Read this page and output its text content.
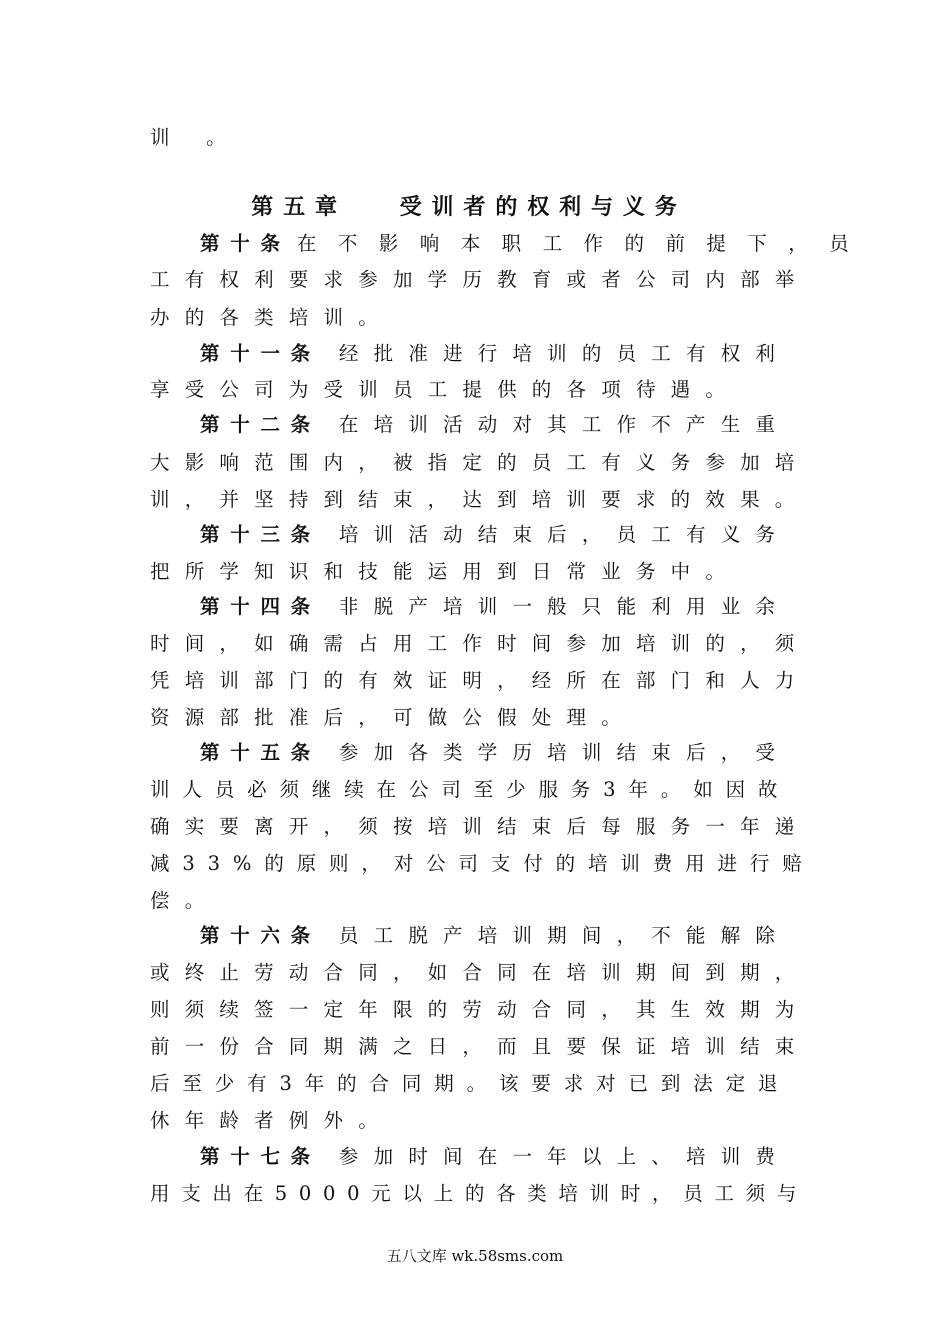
训 。
第五章   受训者的权利与义务
第十条 在不影响本职工作的前提下，员
工有权利要求参加学历教育或者公司内部举
办的各类培训。
第十一条 经批准进行培训的员工有权利
享受公司为受训员工提供的各项待遇。
第十二条 在培训活动对其工作不产生重
大影响范围内，被指定的员工有义务参加培
训，并坚持到结束，达到培训要求的效果。
第十三条 培训活动结束后，员工有义务
把所学知识和技能运用到日常业务中。
第十四条 非脱产培训一般只能利用业余
时间，如确需占用工作时间参加培训的，须
凭培训部门的有效证明，经所在部门和人力
资源部批准后，可做公假处理。
第十五条 参加各类学历培训结束后，受
训人员必须继续在公司至少服务3年。如因故
确实要离开，须按培训结束后每服务一年递
减33%的原则，对公司支付的培训费用进行赔
偿。
第十六条 员工脱产培训期间，不能解除
或终止劳动合同，如合同在培训期间到期，
则须续签一定年限的劳动合同，其生效期为
前一份合同期满之日，而且要保证培训结束
后至少有3年的合同期。该要求对已到法定退
休年龄者例外。
第十七条 参加时间在一年以上、培训费
用支出在5000元以上的各类培训时，员工须与
五八文库 wk.58sms.com
